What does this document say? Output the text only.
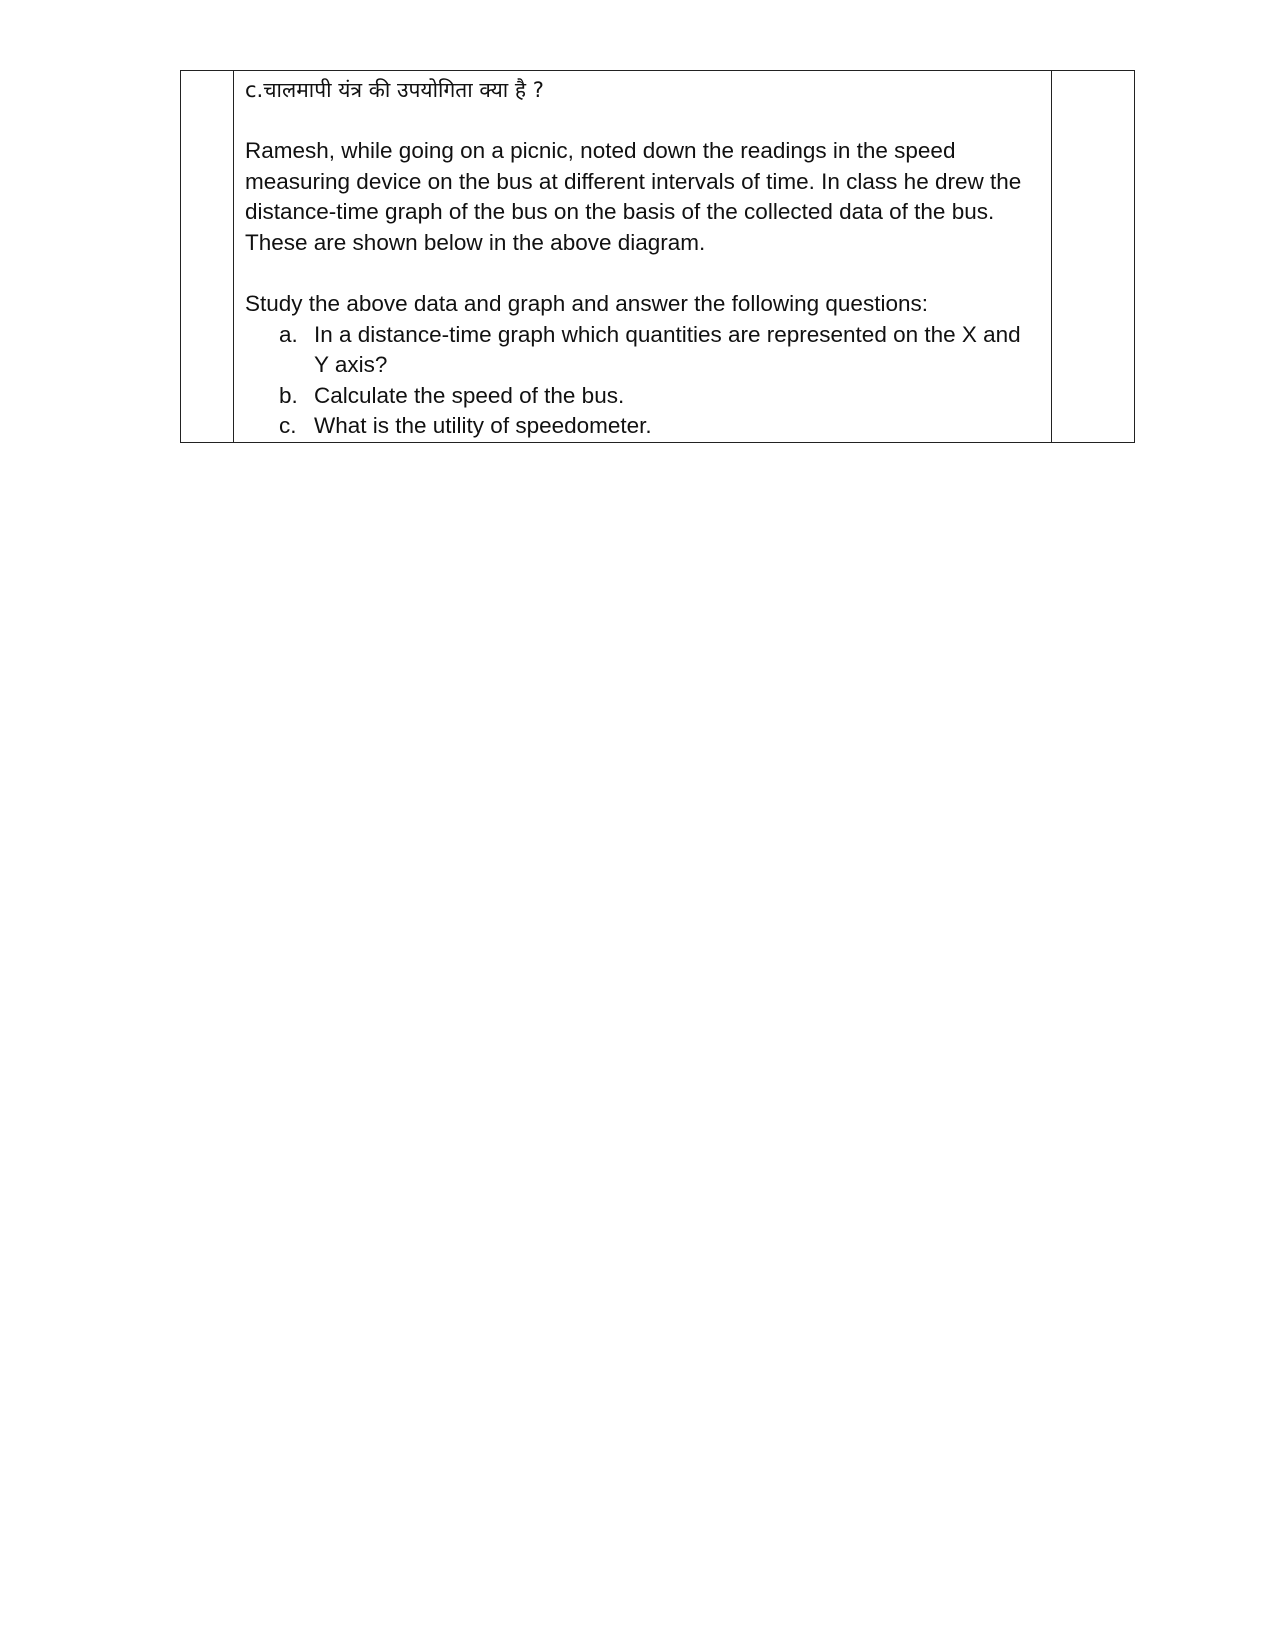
c.चालमापी यंत्र की उपयोगिता क्या है ?

Ramesh, while going on a picnic, noted down the readings in the speed measuring device on the bus at different intervals of time. In class he drew the distance-time graph of the bus on the basis of the collected data of the bus. These are shown below in the above diagram.

Study the above data and graph and answer the following questions:

a. In a distance-time graph which quantities are represented on the X and Y axis?
b. Calculate the speed of the bus.
c. What is the utility of speedometer.
